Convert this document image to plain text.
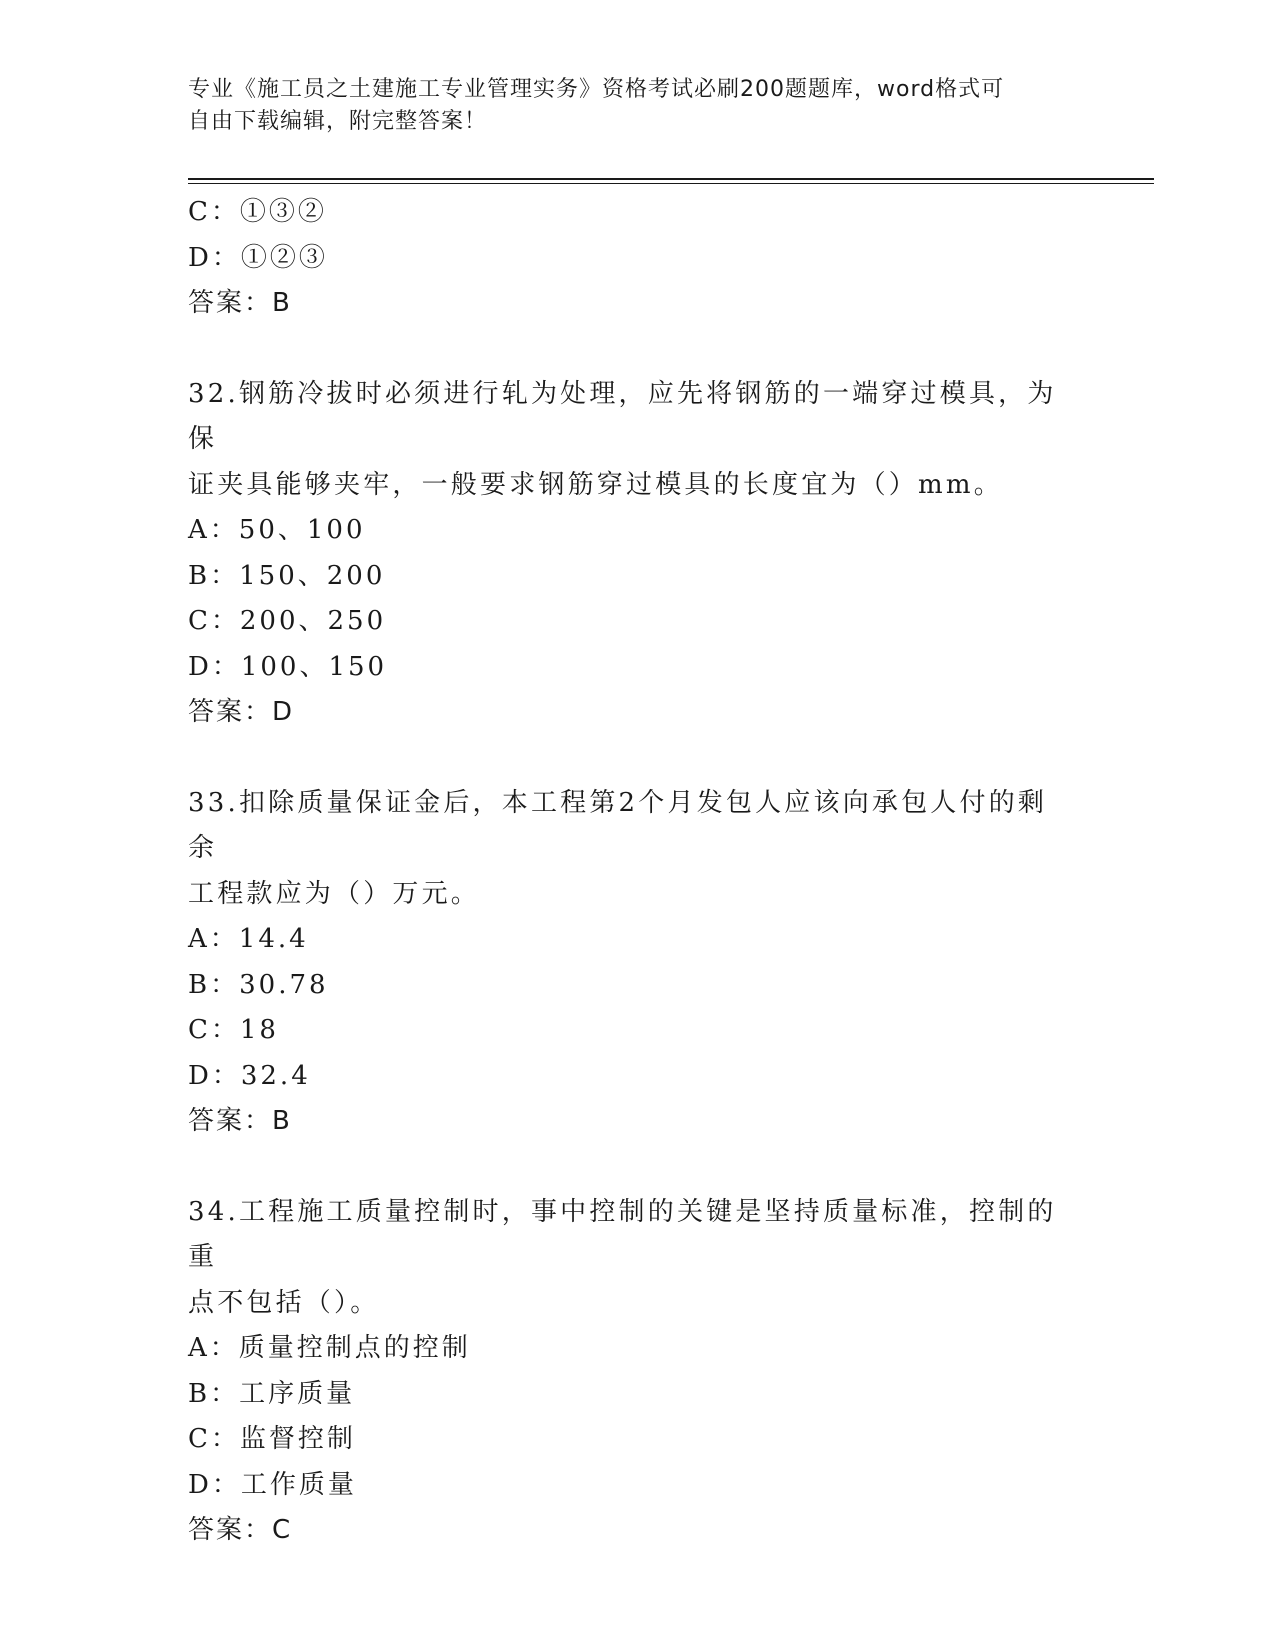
专业《施工员之土建施工专业管理实务》资格考试必刷200题题库，word格式可
自由下载编辑，附完整答案！
C：①③②
D：①②③
答案：B
32.钢筋冷拔时必须进行轧为处理，应先将钢筋的一端穿过模具，为保
证夹具能够夹牢，一般要求钢筋穿过模具的长度宜为（）mm。
A：50、100
B：150、200
C：200、250
D：100、150
答案：D
33.扣除质量保证金后，本工程第2个月发包人应该向承包人付的剩余
工程款应为（）万元。
A：14.4
B：30.78
C：18
D：32.4
答案：B
34.工程施工质量控制时，事中控制的关键是坚持质量标准，控制的重
点不包括（）。
A：质量控制点的控制
B：工序质量
C：监督控制
D：工作质量
答案：C
